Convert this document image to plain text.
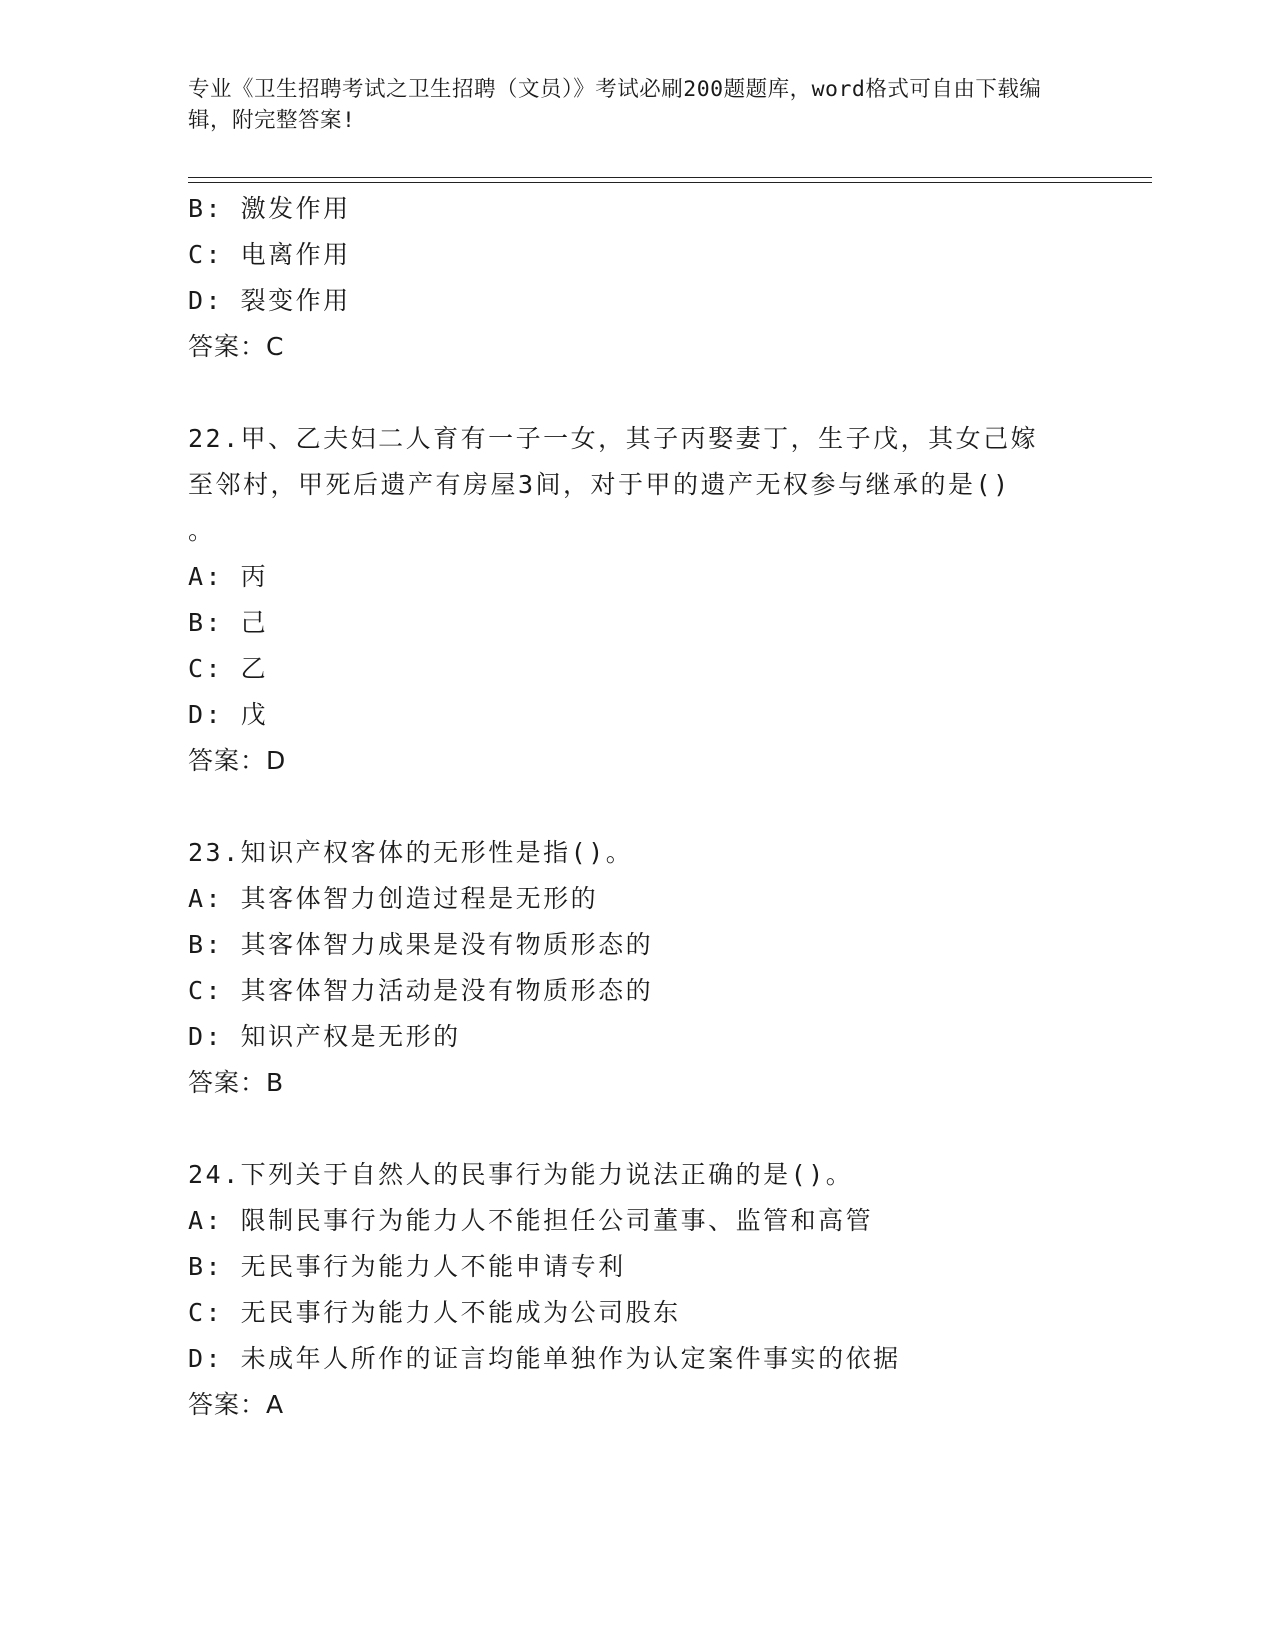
专业《卫生招聘考试之卫生招聘（文员）》考试必刷200题题库，word格式可自由下载编辑，附完整答案!
B: 激发作用
C: 电离作用
D: 裂变作用
答案：C
22.甲、乙夫妇二人育有一子一女，其子丙娶妻丁，生子戊，其女己嫁
至邻村，甲死后遗产有房屋3间，对于甲的遗产无权参与继承的是()
。
A: 丙
B: 己
C: 乙
D: 戊
答案：D
23.知识产权客体的无形性是指()。
A: 其客体智力创造过程是无形的
B: 其客体智力成果是没有物质形态的
C: 其客体智力活动是没有物质形态的
D: 知识产权是无形的
答案：B
24.下列关于自然人的民事行为能力说法正确的是()。
A: 限制民事行为能力人不能担任公司董事、监管和高管
B: 无民事行为能力人不能申请专利
C: 无民事行为能力人不能成为公司股东
D: 未成年人所作的证言均能单独作为认定案件事实的依据
答案：A
